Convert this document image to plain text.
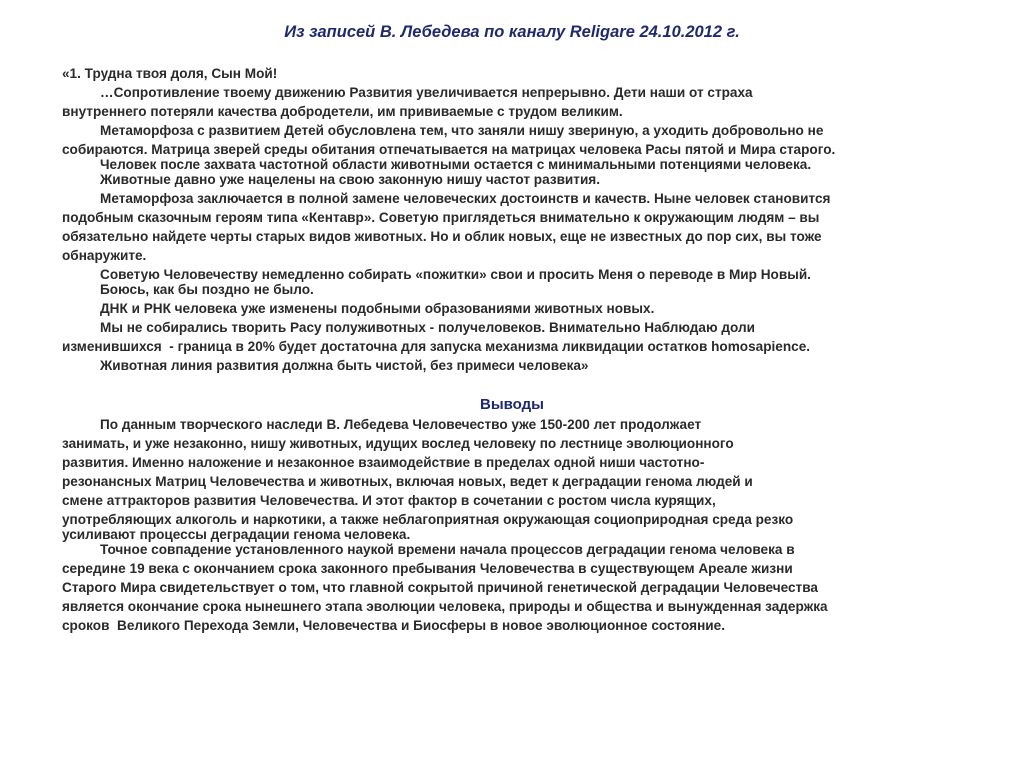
Из записей В. Лебедева по каналу Religare 24.10.2012 г.

«1. Трудна твоя доля, Сын Мой!

…Сопротивление твоему движению Развития увеличивается непрерывно. Дети наши от страха

внутреннего потеряли качества добродетели, им прививаемые с трудом великим.

Метаморфоза с развитием Детей обусловлена тем, что заняли нишу звериную, а уходить добровольно не

собираются. Матрица зверей среды обитания отпечатывается на матрицах человека Расы пятой и Мира старого.

Человек после захвата частотной области животными остается с минимальными потенциями человека.

Животные давно уже нацелены на свою законную нишу частот развития.

Метаморфоза заключается в полной замене человеческих достоинств и качеств. Ныне человек становится

подобным сказочным героям типа «Кентавр». Советую приглядеться внимательно к окружающим людям – вы

обязательно найдете черты старых видов животных. Но и облик новых, еще не известных до пор сих, вы тоже

обнаружите.

Советую Человечеству немедленно собирать «пожитки» свои и просить Меня о переводе в Мир Новый.

Боюсь, как бы поздно не было.

ДНК и РНК человека уже изменены подобными образованиями животных новых.

Мы не собирались творить Расу полуживотных - получеловеков. Внимательно Наблюдаю доли

изменившихся  - граница в 20% будет достаточна для запуска механизма ликвидации остатков homosapience.

Животная линия развития должна быть чистой, без примеси человека»

Выводы

По данным творческого наследи В. Лебедева Человечество уже 150-200 лет продолжает

занимать, и уже незаконно, нишу животных, идущих вослед человеку по лестнице эволюционного

развития. Именно наложение и незаконное взаимодействие в пределах одной ниши частотно-

резонансных Матриц Человечества и животных, включая новых, ведет к деградации генома людей и

смене аттракторов развития Человечества. И этот фактор в сочетании с ростом числа курящих,

употребляющих алкоголь и наркотики, а также неблагоприятная окружающая социоприродная среда резко

усиливают процессы деградации генома человека.

Точное совпадение установленного наукой времени начала процессов деградации генома человека в

середине 19 века с окончанием срока законного пребывания Человечества в существующем Ареале жизни

Старого Мира свидетельствует о том, что главной сокрытой причиной генетической деградации Человечества

является окончание срока нынешнего этапа эволюции человека, природы и общества и вынужденная задержка

сроков  Великого Перехода Земли, Человечества и Биосферы в новое эволюционное состояние.
